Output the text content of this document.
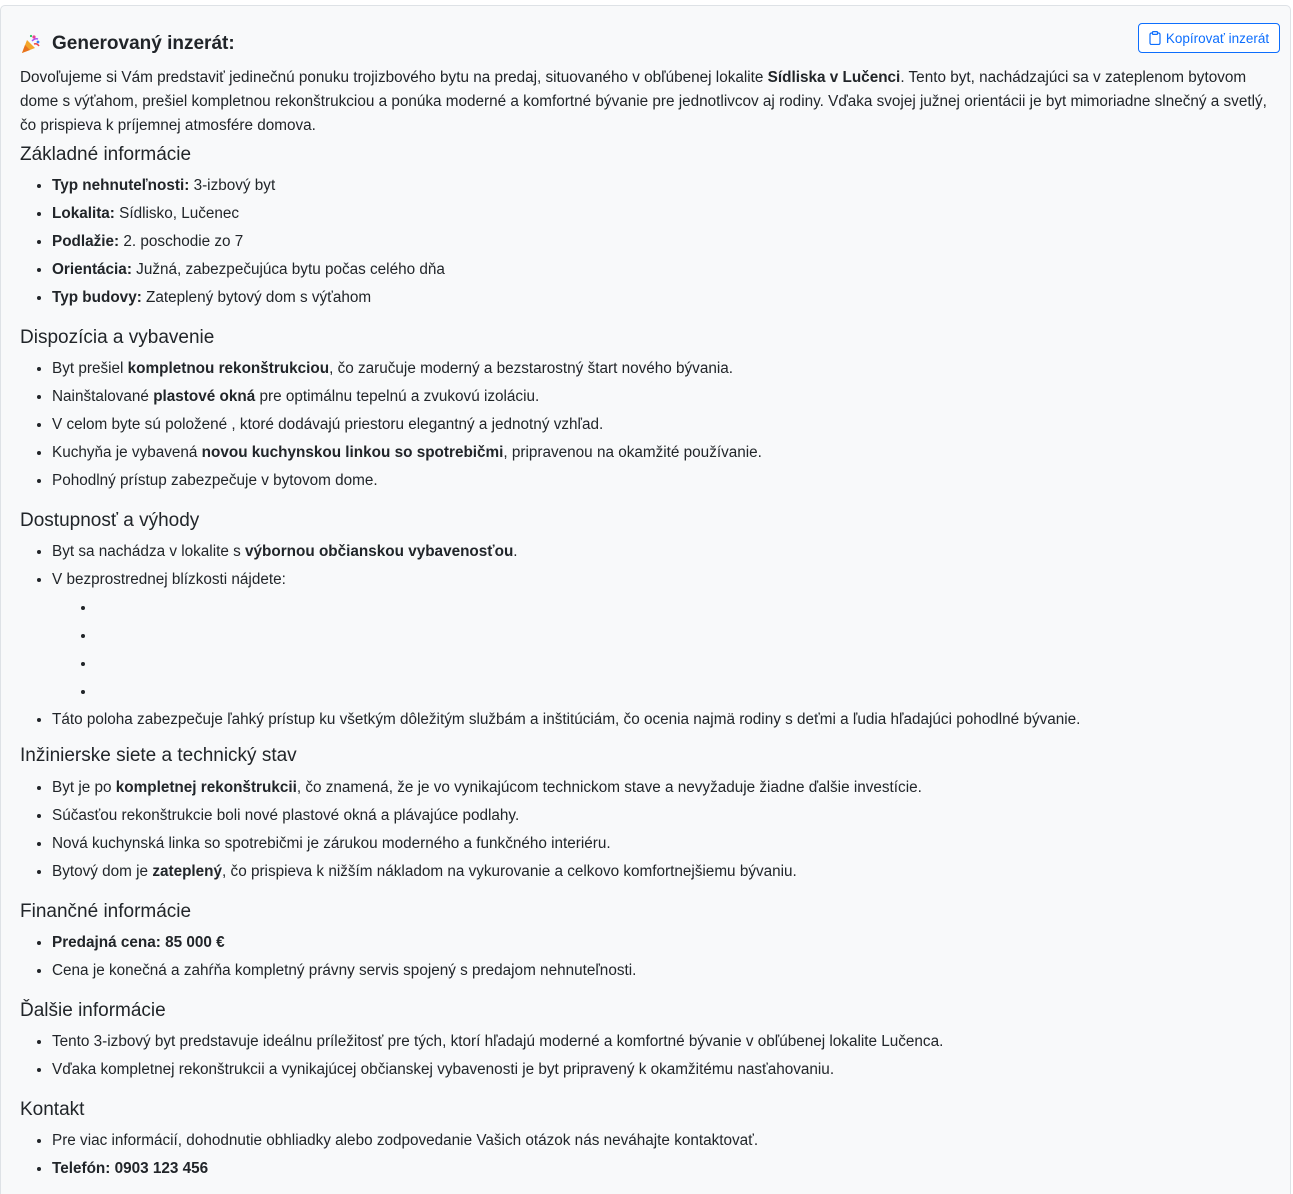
Generovaný inzerát:	Kopírovať inzerát

Dovoľujeme si Vám predstaviť jedinečnú ponuku trojizbového bytu na predaj, situovaného v obľúbenej lokalite Sídliska v Lučenci. Tento byt, nachádzajúci sa v zateplenom bytovom dome s výťahom, prešiel kompletnou rekonštrukciou a ponúka moderné a komfortné bývanie pre jednotlivcov aj rodiny. Vďaka svojej južnej orientácii je byt mimoriadne slnečný a svetlý, čo prispieva k príjemnej atmosfére domova.

Základné informácie
• Typ nehnuteľnosti: 3-izbový byt
• Lokalita: Sídlisko, Lučenec
• Podlažie: 2. poschodie zo 7
• Orientácia: Južná, zabezpečujúca bytu počas celého dňa
• Typ budovy: Zateplený bytový dom s výťahom
Dispozícia a vybavenie
• Byt prešiel kompletnou rekonštrukciou, čo zaručuje moderný a bezstarostný štart nového bývania.
• Nainštalované plastové okná pre optimálnu tepelnú a zvukovú izoláciu.
• V celom byte sú položené , ktoré dodávajú priestoru elegantný a jednotný vzhľad.
• Kuchyňa je vybavená novou kuchynskou linkou so spotrebičmi, pripravenou na okamžité používanie.
• Pohodlný prístup zabezpečuje v bytovom dome.
Dostupnosť a výhody
• Byt sa nachádza v lokalite s výbornou občianskou vybavenosťou.
• V bezprostrednej blízkosti nájdete:
•
•
•
•
• Táto poloha zabezpečuje ľahký prístup ku všetkým dôležitým službám a inštitúciám, čo ocenia najmä rodiny s deťmi a ľudia hľadajúci pohodlné bývanie.
Inžinierske siete a technický stav
• Byt je po kompletnej rekonštrukcii, čo znamená, že je vo vynikajúcom technickom stave a nevyžaduje žiadne ďalšie investície.
• Súčasťou rekonštrukcie boli nové plastové okná a plávajúce podlahy.
• Nová kuchynská linka so spotrebičmi je zárukou moderného a funkčného interiéru.
• Bytový dom je zateplený, čo prispieva k nižším nákladom na vykurovanie a celkovo komfortnejšiemu bývaniu.
Finančné informácie
• Predajná cena: 85 000 €
• Cena je konečná a zahŕňa kompletný právny servis spojený s predajom nehnuteľnosti.
Ďalšie informácie
• Tento 3-izbový byt predstavuje ideálnu príležitosť pre tých, ktorí hľadajú moderné a komfortné bývanie v obľúbenej lokalite Lučenca.
• Vďaka kompletnej rekonštrukcii a vynikajúcej občianskej vybavenosti je byt pripravený k okamžitému nasťahovaniu.
Kontakt
• Pre viac informácií, dohodnutie obhliadky alebo zodpovedanie Vašich otázok nás neváhajte kontaktovať.
• Telefón: 0903 123 456
